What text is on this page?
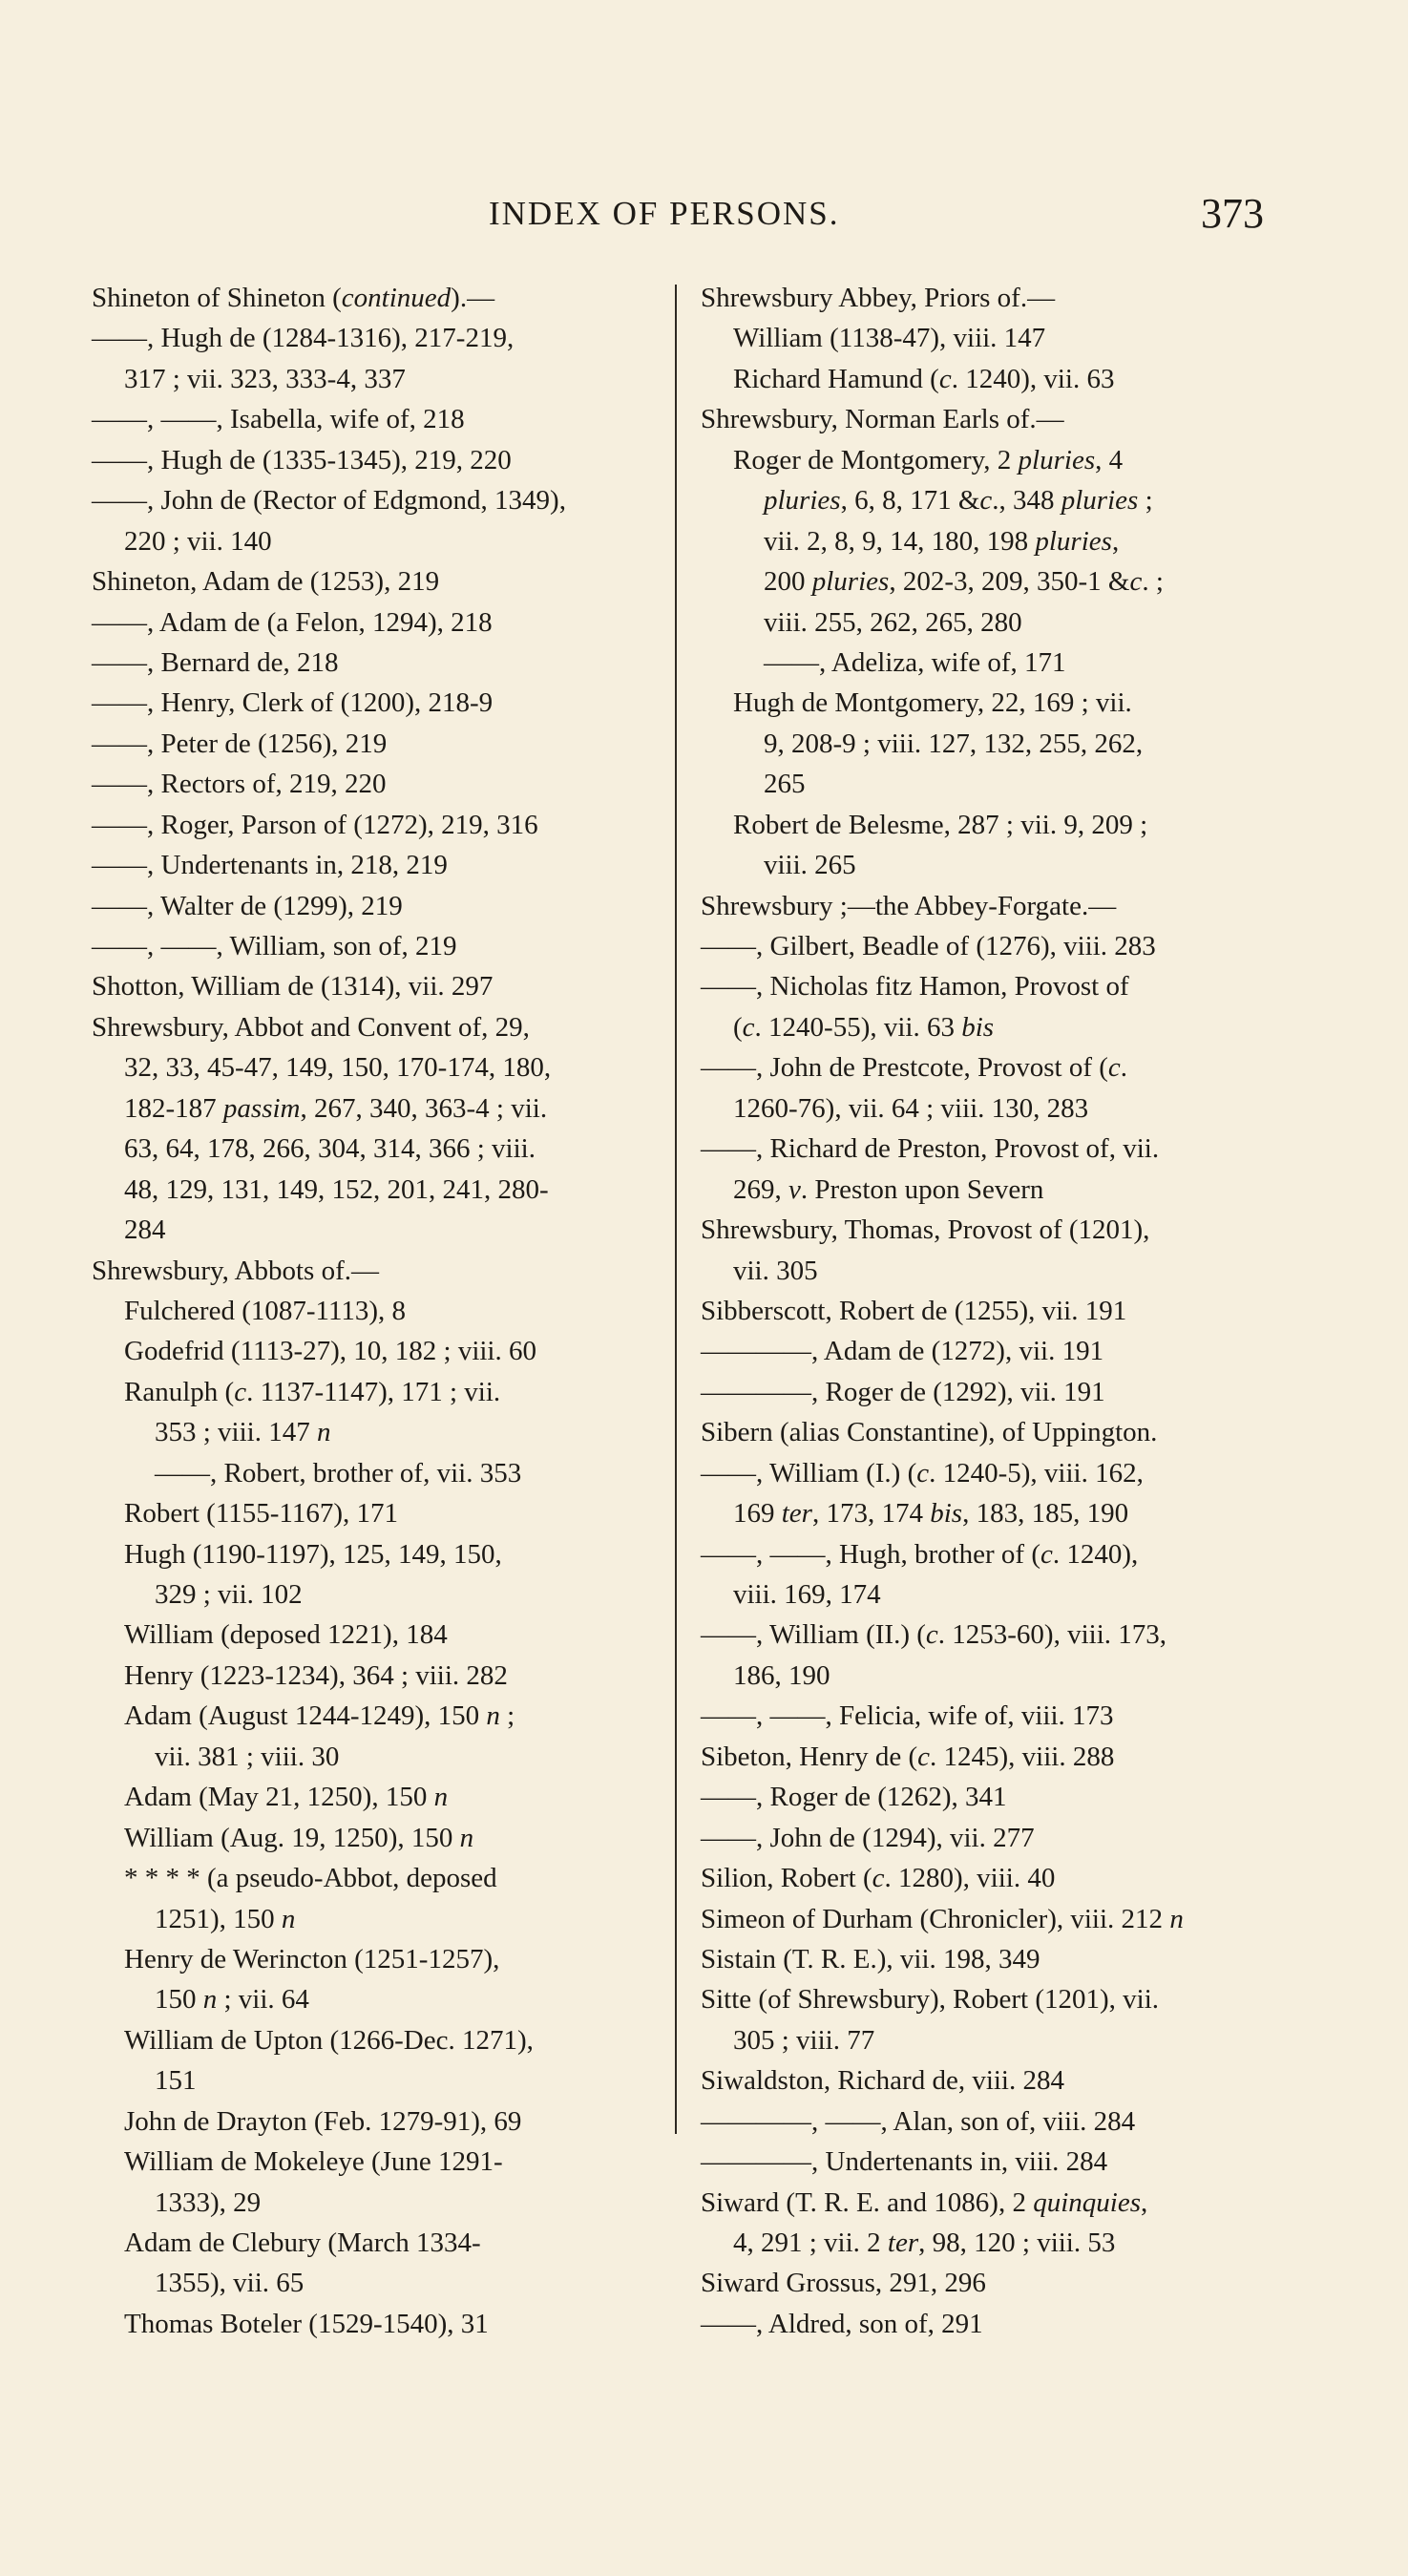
INDEX OF PERSONS.	373
Shineton of Shineton (continued).—
——, Hugh de (1284-1316), 217-219,
317 ; vii. 323, 333-4, 337
——, ——, Isabella, wife of, 218
——, Hugh de (1335-1345), 219, 220
——, John de (Rector of Edgmond, 1349),
220 ; vii. 140
Shineton, Adam de (1253), 219
——, Adam de (a Felon, 1294), 218
——, Bernard de, 218
——, Henry, Clerk of (1200), 218-9
——, Peter de (1256), 219
——, Rectors of, 219, 220
——, Roger, Parson of (1272), 219, 316
——, Undertenants in, 218, 219
——, Walter de (1299), 219
——, ——, William, son of, 219
Shotton, William de (1314), vii. 297
Shrewsbury, Abbot and Convent of, 29,
32, 33, 45-47, 149, 150, 170-174, 180,
182-187 passim, 267, 340, 363-4 ; vii.
63, 64, 178, 266, 304, 314, 366 ; viii.
48, 129, 131, 149, 152, 201, 241, 280-
284
Shrewsbury, Abbots of.—
Fulchered (1087-1113), 8
Godefrid (1113-27), 10, 182 ; viii. 60
Ranulph (c. 1137-1147), 171 ; vii.
353 ; viii. 147 n
——, Robert, brother of, vii. 353
Robert (1155-1167), 171
Hugh (1190-1197), 125, 149, 150,
329 ; vii. 102
William (deposed 1221), 184
Henry (1223-1234), 364 ; viii. 282
Adam (August 1244-1249), 150 n ;
vii. 381 ; viii. 30
Adam (May 21, 1250), 150 n
William (Aug. 19, 1250), 150 n
* * * * (a pseudo-Abbot, deposed
1251), 150 n
Henry de Werincton (1251-1257),
150 n ; vii. 64
William de Upton (1266-Dec. 1271),
151
John de Drayton (Feb. 1279-91), 69
William de Mokeleye (June 1291-
1333), 29
Adam de Clebury (March 1334-
1355), vii. 65
Thomas Boteler (1529-1540), 31
Shrewsbury Abbey, Priors of.—
William (1138-47), viii. 147
Richard Hamund (c. 1240), vii. 63
Shrewsbury, Norman Earls of.—
Roger de Montgomery, 2 pluries, 4
pluries, 6, 8, 171 &c., 348 pluries ;
vii. 2, 8, 9, 14, 180, 198 pluries,
200 pluries, 202-3, 209, 350-1 &c. ;
viii. 255, 262, 265, 280
——, Adeliza, wife of, 171
Hugh de Montgomery, 22, 169 ; vii.
9, 208-9 ; viii. 127, 132, 255, 262,
265
Robert de Belesme, 287 ; vii. 9, 209 ;
viii. 265
Shrewsbury ;—the Abbey-Forgate.—
——, Gilbert, Beadle of (1276), viii. 283
——, Nicholas fitz Hamon, Provost of
(c. 1240-55), vii. 63 bis
——, John de Prestcote, Provost of (c.
1260-76), vii. 64 ; viii. 130, 283
——, Richard de Preston, Provost of, vii.
269, v. Preston upon Severn
Shrewsbury, Thomas, Provost of (1201),
vii. 305
Sibberscott, Robert de (1255), vii. 191
————, Adam de (1272), vii. 191
————, Roger de (1292), vii. 191
Sibern (alias Constantine), of Uppington.
——, William (I.) (c. 1240-5), viii. 162,
169 ter, 173, 174 bis, 183, 185, 190
——, ——, Hugh, brother of (c. 1240),
viii. 169, 174
——, William (II.) (c. 1253-60), viii. 173,
186, 190
——, ——, Felicia, wife of, viii. 173
Sibeton, Henry de (c. 1245), viii. 288
——, Roger de (1262), 341
——, John de (1294), vii. 277
Silion, Robert (c. 1280), viii. 40
Simeon of Durham (Chronicler), viii. 212 n
Sistain (T. R. E.), vii. 198, 349
Sitte (of Shrewsbury), Robert (1201), vii.
305 ; viii. 77
Siwaldston, Richard de, viii. 284
————, ——, Alan, son of, viii. 284
————, Undertenants in, viii. 284
Siward (T. R. E. and 1086), 2 quinquies,
4, 291 ; vii. 2 ter, 98, 120 ; viii. 53
Siward Grossus, 291, 296
——, Aldred, son of, 291
